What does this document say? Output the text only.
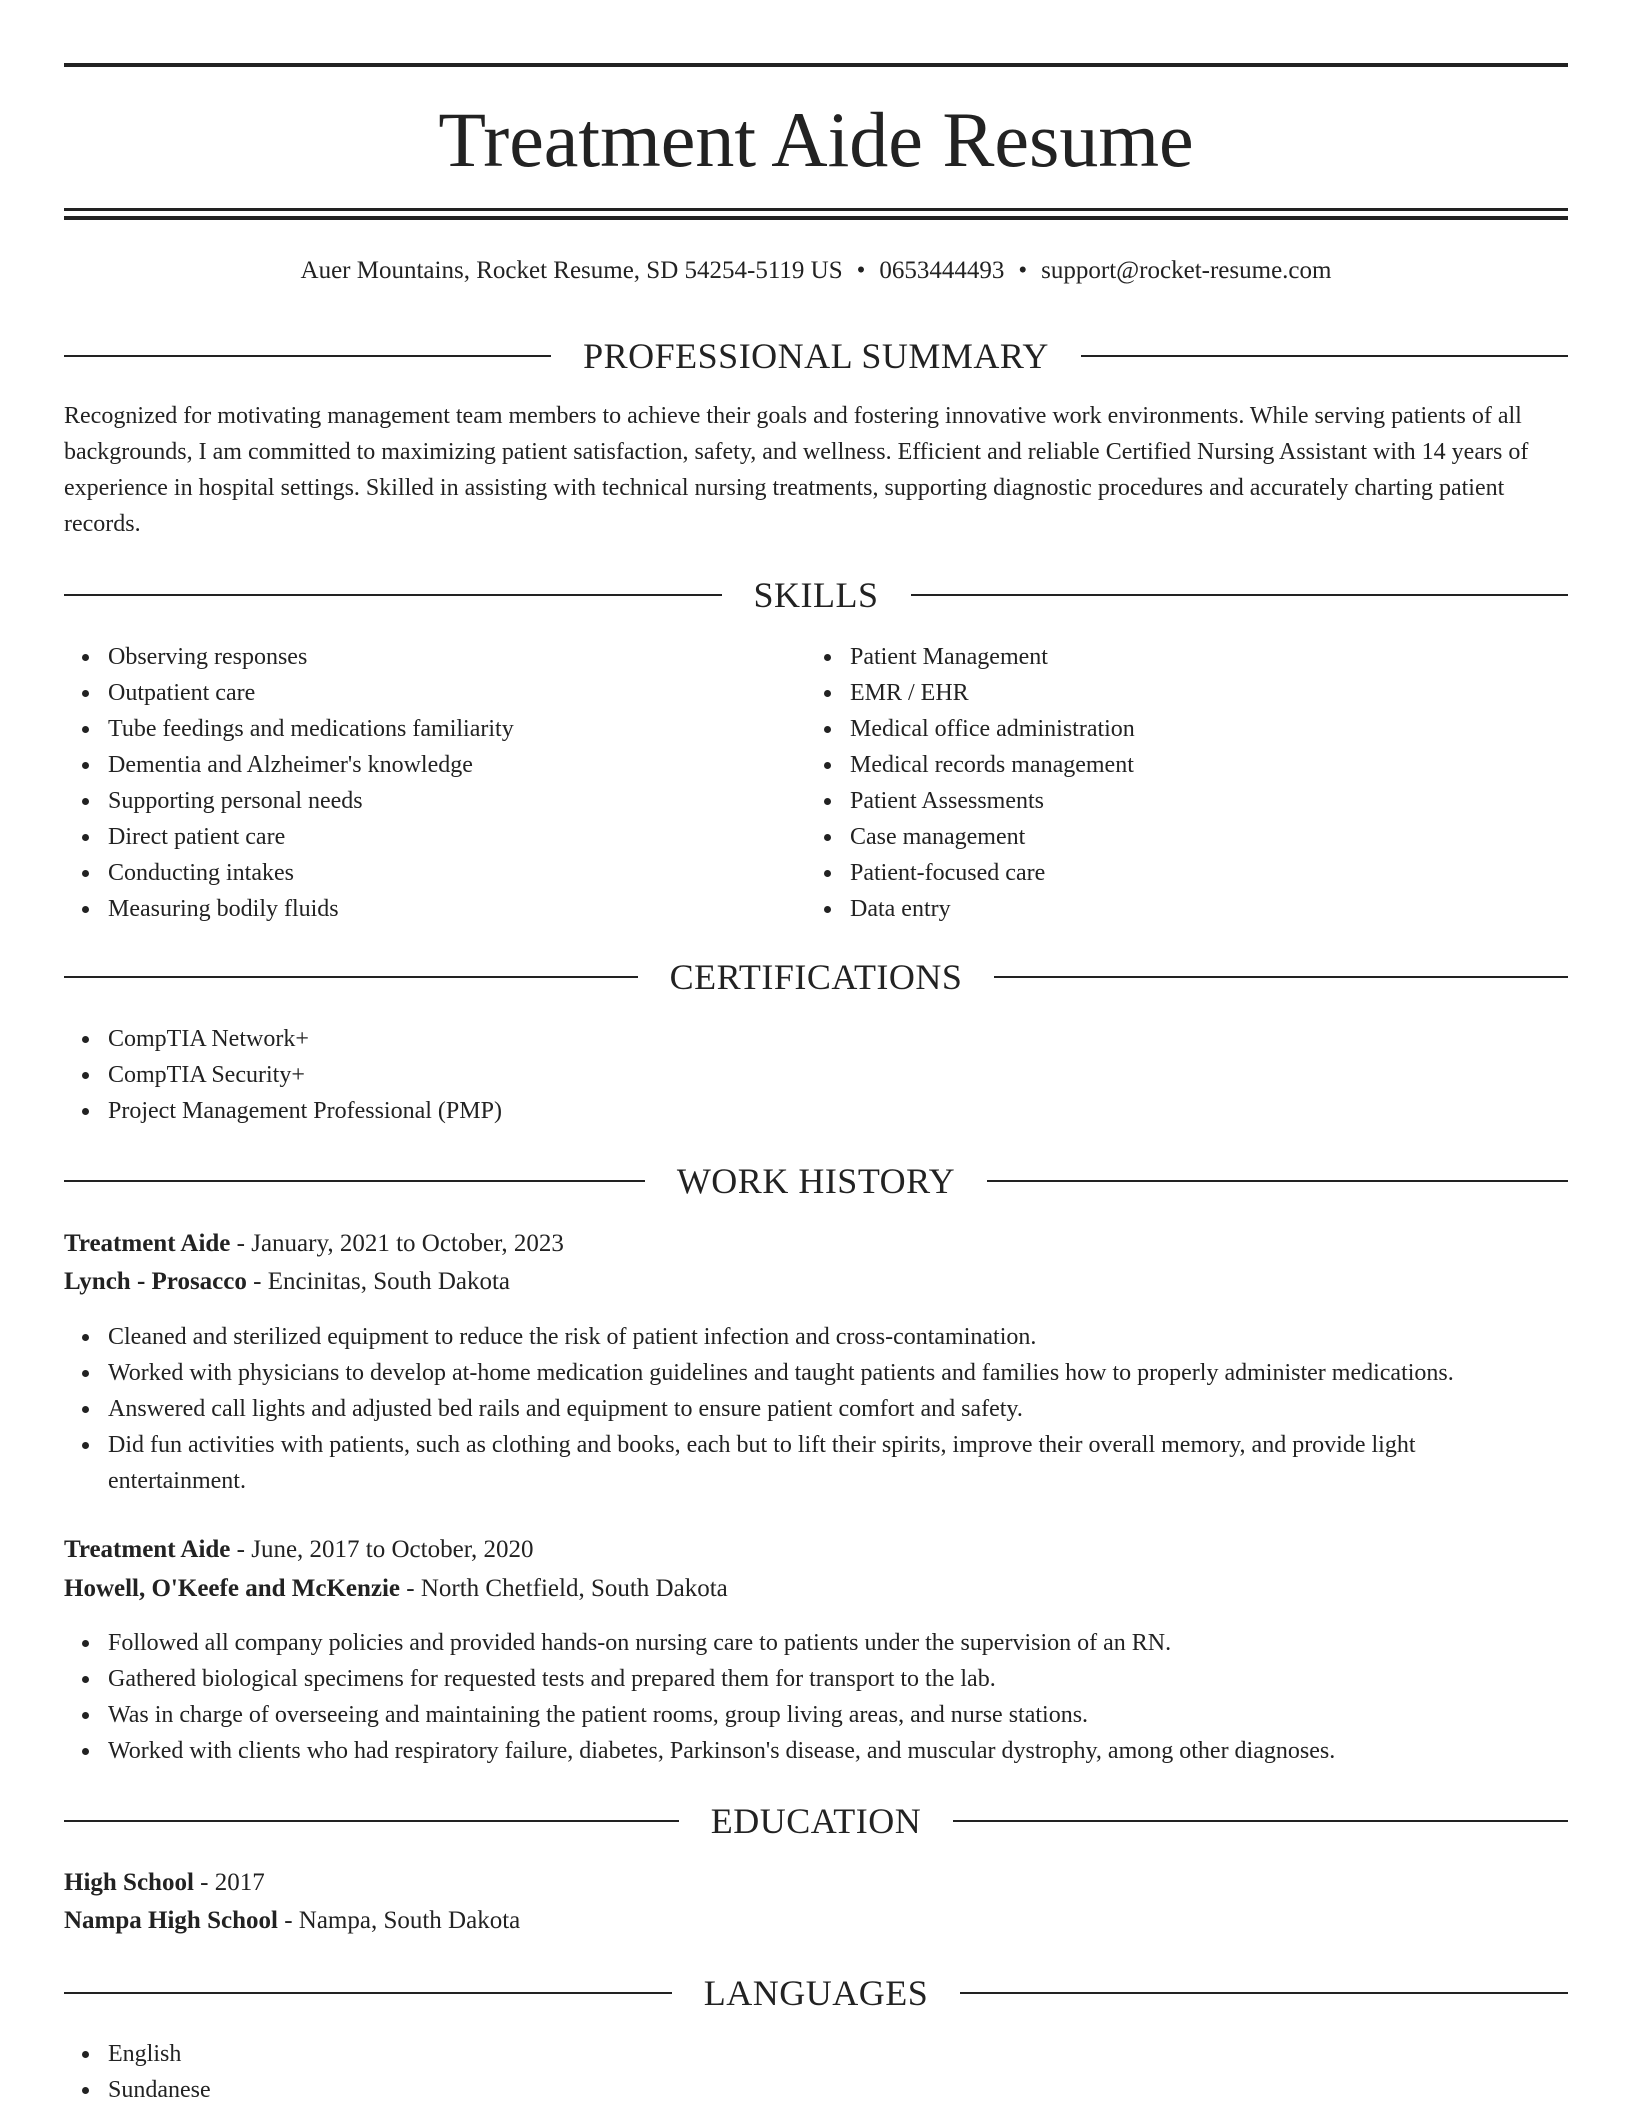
Treatment Aide Resume
Auer Mountains, Rocket Resume, SD 54254-5119 US • 0653444493 • support@rocket-resume.com
PROFESSIONAL SUMMARY

Recognized for motivating management team members to achieve their goals and fostering innovative work environments. While serving patients of all backgrounds, I am committed to maximizing patient satisfaction, safety, and wellness. Efficient and reliable Certified Nursing Assistant with 14 years of experience in hospital settings. Skilled in assisting with technical nursing treatments, supporting diagnostic procedures and accurately charting patient records.

SKILLS
Observing responses
Outpatient care
Tube feedings and medications familiarity
Dementia and Alzheimer's knowledge
Supporting personal needs
Direct patient care
Conducting intakes
Measuring bodily fluids
Patient Management
EMR / EHR
Medical office administration
Medical records management
Patient Assessments
Case management
Patient-focused care
Data entry
CERTIFICATIONS
CompTIA Network+
CompTIA Security+
Project Management Professional (PMP)
WORK HISTORY
Treatment Aide - January, 2021 to October, 2023
Lynch - Prosacco - Encinitas, South Dakota
Cleaned and sterilized equipment to reduce the risk of patient infection and cross-contamination.
Worked with physicians to develop at-home medication guidelines and taught patients and families how to properly administer medications.
Answered call lights and adjusted bed rails and equipment to ensure patient comfort and safety.
Did fun activities with patients, such as clothing and books, each but to lift their spirits, improve their overall memory, and provide light entertainment.
Treatment Aide - June, 2017 to October, 2020
Howell, O'Keefe and McKenzie - North Chetfield, South Dakota
Followed all company policies and provided hands-on nursing care to patients under the supervision of an RN.
Gathered biological specimens for requested tests and prepared them for transport to the lab.
Was in charge of overseeing and maintaining the patient rooms, group living areas, and nurse stations.
Worked with clients who had respiratory failure, diabetes, Parkinson's disease, and muscular dystrophy, among other diagnoses.
EDUCATION
High School - 2017
Nampa High School - Nampa, South Dakota
LANGUAGES
English
Sundanese
